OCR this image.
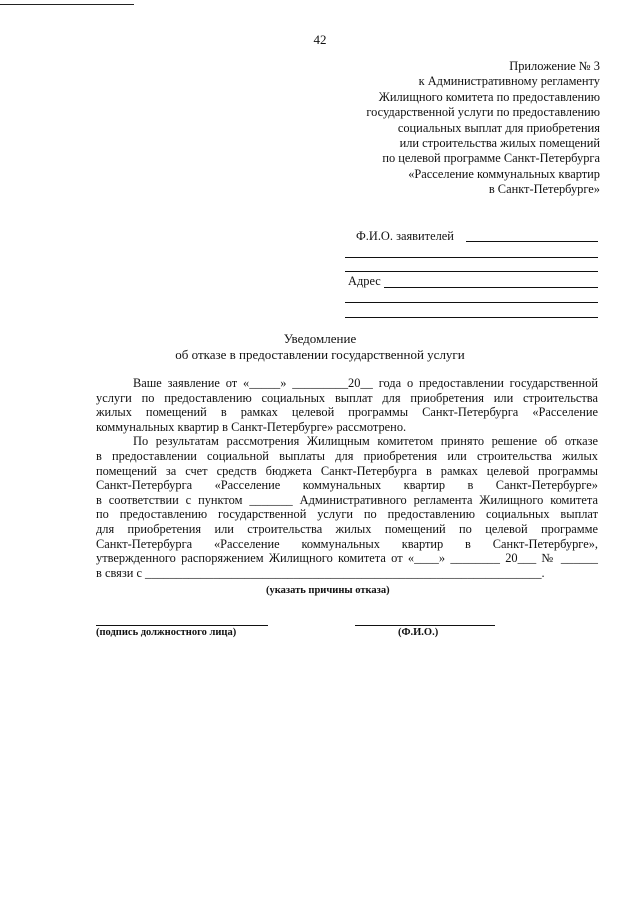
42
Приложение № 3
к Административному регламенту
Жилищного комитета по предоставлению
государственной услуги по предоставлению
социальных выплат для приобретения
или строительства жилых помещений
по целевой программе Санкт-Петербурга
«Расселение коммунальных квартир
в Санкт-Петербурге»
Ф.И.О. заявителей
Адрес
Уведомление
об отказе в предоставлении государственной услуги

Ваше заявление от «_____» _________20__ года о предоставлении государственной
услуги по предоставлению социальных выплат для приобретения или строительства
жилых помещений в рамках целевой программы Санкт-Петербурга «Расселение
коммунальных квартир в Санкт-Петербурге» рассмотрено.

По результатам рассмотрения Жилищным комитетом принято решение об отказе
в предоставлении социальной выплаты для приобретения или строительства жилых
помещений за счет средств бюджета Санкт-Петербурга в рамках целевой программы
Санкт-Петербурга «Расселение коммунальных квартир в Санкт-Петербурге»
в соответствии с пунктом _______ Административного регламента Жилищного комитета
по предоставлению государственной услуги по предоставлению социальных выплат
для приобретения или строительства жилых помещений по целевой программе
Санкт-Петербурга «Расселение коммунальных квартир в Санкт-Петербурге»,
утвержденного распоряжением Жилищного комитета от «____» ________ 20___ № ______
в связи с ________________________________________________________________.

(указать причины отказа)
(подпись должностного лица)	(Ф.И.О.)
